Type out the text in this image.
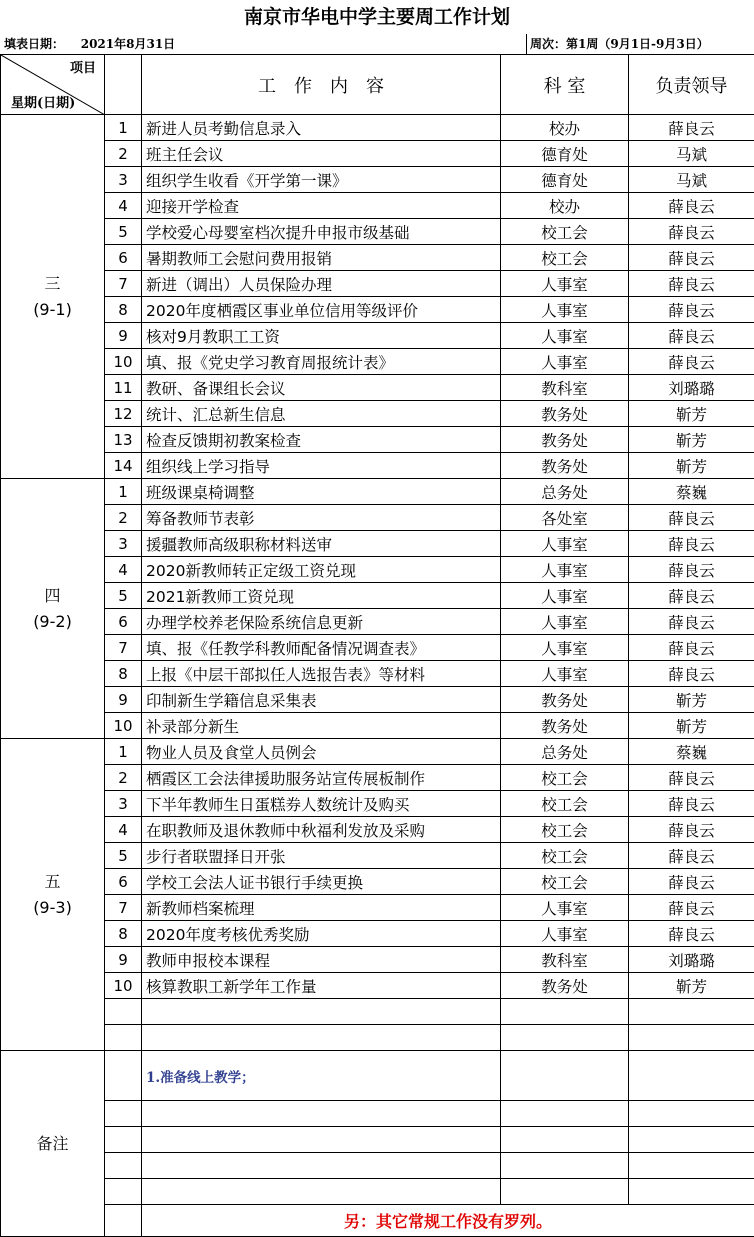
南京市华电中学主要周工作计划
填表日期： 2021年8月31日	周次：第1周（9月1日-9月3日）
项目
星期(日期)		工　作　内　容	科 室	负责领导

三
(9-1)	1	新进人员考勤信息录入	校办	薛良云
	2	班主任会议	德育处	马斌
	3	组织学生收看《开学第一课》	德育处	马斌
	4	迎接开学检查	校办	薛良云
	5	学校爱心母婴室档次提升申报市级基础	校工会	薛良云
	6	暑期教师工会慰问费用报销	校工会	薛良云
	7	新进（调出）人员保险办理	人事室	薛良云
	8	2020年度栖霞区事业单位信用等级评价	人事室	薛良云
	9	核对9月教职工工资	人事室	薛良云
	10	填、报《党史学习教育周报统计表》	人事室	薛良云
	11	教研、备课组长会议	教科室	刘璐璐
	12	统计、汇总新生信息	教务处	靳芳
	13	检查反馈期初教案检查	教务处	靳芳
	14	组织线上学习指导	教务处	靳芳

四
(9-2)	1	班级课桌椅调整	总务处	蔡巍
	2	筹备教师节表彰	各处室	薛良云
	3	援疆教师高级职称材料送审	人事室	薛良云
	4	2020新教师转正定级工资兑现	人事室	薛良云
	5	2021新教师工资兑现	人事室	薛良云
	6	办理学校养老保险系统信息更新	人事室	薛良云
	7	填、报《任教学科教师配备情况调查表》	人事室	薛良云
	8	上报《中层干部拟任人选报告表》等材料	人事室	薛良云
	9	印制新生学籍信息采集表	教务处	靳芳
	10	补录部分新生	教务处	靳芳

五
(9-3)	1	物业人员及食堂人员例会	总务处	蔡巍
	2	栖霞区工会法律援助服务站宣传展板制作	校工会	薛良云
	3	下半年教师生日蛋糕券人数统计及购买	校工会	薛良云
	4	在职教师及退休教师中秋福利发放及采购	校工会	薛良云
	5	步行者联盟择日开张	校工会	薛良云
	6	学校工会法人证书银行手续更换	校工会	薛良云
	7	新教师档案梳理	人事室	薛良云
	8	2020年度考核优秀奖励	人事室	薛良云
	9	教师申报校本课程	教科室	刘璐璐
	10	核算教职工新学年工作量	教务处	靳芳

备注		1.准备线上教学；		

		另：其它常规工作没有罗列。		
